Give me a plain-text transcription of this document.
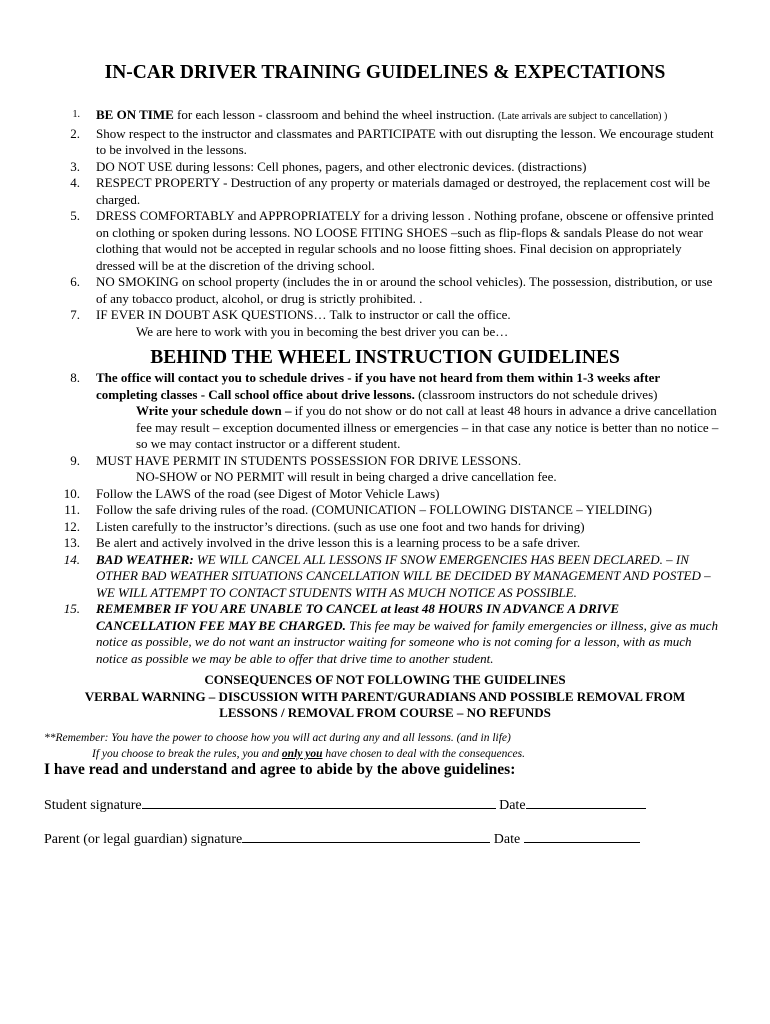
IN-CAR DRIVER TRAINING GUIDELINES & EXPECTATIONS
1. BE ON TIME for each lesson - classroom and behind the wheel instruction. (Late arrivals are subject to cancellation) )
2. Show respect to the instructor and classmates and PARTICIPATE with out disrupting the lesson. We encourage student to be involved in the lessons.
3. DO NOT USE during lessons: Cell phones, pagers, and other electronic devices. (distractions)
4. RESPECT PROPERTY - Destruction of any property or materials damaged or destroyed, the replacement cost will be charged.
5. DRESS COMFORTABLY and APPROPRIATELY for a driving lesson . Nothing profane, obscene or offensive printed on clothing or spoken during lessons. NO LOOSE FITING SHOES –such as flip-flops & sandals Please do not wear clothing that would not be accepted in regular schools and no loose fitting shoes. Final decision on appropriately dressed will be at the discretion of the driving school.
6. NO SMOKING on school property (includes the in or around the school vehicles). The possession, distribution, or use of any tobacco product, alcohol, or drug is strictly prohibited. .
7. IF EVER IN DOUBT ASK QUESTIONS… Talk to instructor or call the office.
We are here to work with you in becoming the best driver you can be…
BEHIND THE WHEEL INSTRUCTION GUIDELINES
8. The office will contact you to schedule drives - if you have not heard from them within 1-3 weeks after completing classes - Call school office about drive lessons. (classroom instructors do not schedule drives)
Write your schedule down – if you do not show or do not call at least 48 hours in advance a drive cancellation fee may result – exception documented illness or emergencies – in that case any notice is better than no notice – so we may contact instructor or a different student.
9. MUST HAVE PERMIT IN STUDENTS POSSESSION FOR DRIVE LESSONS.
NO-SHOW or NO PERMIT will result in being charged a drive cancellation fee.
10. Follow the LAWS of the road (see Digest of Motor Vehicle Laws)
11. Follow the safe driving rules of the road. (COMUNICATION – FOLLOWING DISTANCE – YIELDING)
12. Listen carefully to the instructor’s directions. (such as use one foot and two hands for driving)
13. Be alert and actively involved in the drive lesson this is a learning process to be a safe driver.
14. BAD WEATHER: WE WILL CANCEL ALL LESSONS IF SNOW EMERGENCIES HAS BEEN DECLARED. – IN OTHER BAD WEATHER SITUATIONS CANCELLATION WILL BE DECIDED BY MANAGEMENT AND POSTED – WE WILL ATTEMPT TO CONTACT STUDENTS WITH AS MUCH NOTICE AS POSSIBLE.
15. REMEMBER IF YOU ARE UNABLE TO CANCEL at least 48 HOURS IN ADVANCE A DRIVE CANCELLATION FEE MAY BE CHARGED. This fee may be waived for family emergencies or illness, give as much notice as possible, we do not want an instructor waiting for someone who is not coming for a lesson, with as much notice as possible we may be able to offer that drive time to another student.
CONSEQUENCES OF NOT FOLLOWING THE GUIDELINES
VERBAL WARNING – DISCUSSION WITH PARENT/GURADIANS AND POSSIBLE REMOVAL FROM
LESSONS / REMOVAL FROM COURSE – NO REFUNDS
**Remember: You have the power to choose how you will act during any and all lessons. (and in life)
If you choose to break the rules, you and only you have chosen to deal with the consequences.
I have read and understand and agree to abide by the above guidelines:
Student signature	Date
Parent (or legal guardian) signature	Date
